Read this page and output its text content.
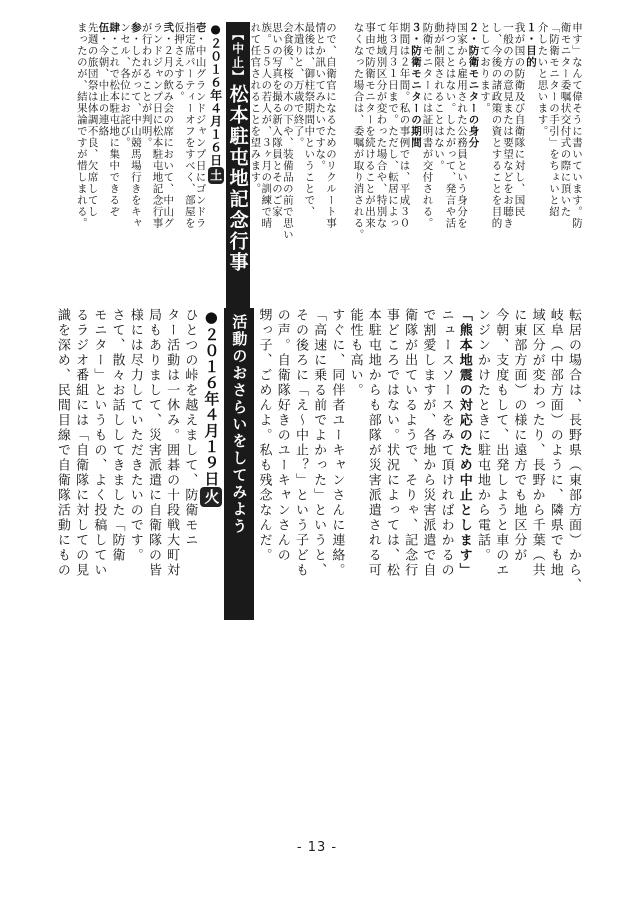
申す」なんて偉そうに書いています。防
衛モニター委嘱状交付式の際に頂いた
「防衛モニターの手引」をちょいと紹
介したいと思います。
１・目的
我が国の防衛及び自衛隊に対し、国民
一般の方の意見または要望などをお聴き
し、今後の諸政策の資とすることを目的
としております。
２・防衛モニターの身分
国家から雇用された公務員という身分を
持つことはない。したがって、発言や活
動が制限されることはない。
防衛モニターには証明書が交付される。
３・防衛モニターの期間
期間は２年間。私の事例では、平成３０
年３月３１日まで。ただし、転居によっ
て地域別区分が変わった場合や、特別な
事由で防衛モニターを続けることが出来
なくなった場合は、委嘱が取り消される。
ので、自衛官になるためのリクルート事
情とか訊いてみたいですな。
最後は、御柱祭期間中ということで、
木遣りと、万歳で終了。
会食後、桜の木の下や、装備品の前で思い
思いの写真を撮る新入隊員とそのご家
族。５５人の若人が、３ヶ月の訓練で晴
れて任官されることを望みます。
【中止】松本駐屯地記念行事
●２０１６年４月１６日土
壱・中山グランドジャンプ日にゴンドラ
指定席パーティーオフをすべく、部屋を
仮押さえする。
弐・２月の飲み会の席において、中山グ
ランドジャンプ日に松本駐屯地記念行事
が行われることが判明。
参・したがって、中山競馬場行きをキャ
ンセル、各位にお詫び。
肆・これで松本駐屯地に集中できるぞ
伍・今朝、中止の連絡
先週の旅団祭は体調不良、欠席してし
まったのが、結果論ですが惜しまれる。
転居の場合は、長野県（東部方面）から、
岐阜（中部方面）のように、隣県でも地
域区分が変わったり、長野から千葉（共
に東部方面）の様に遠方でも地区分が
今朝、支度もして、出発しようと車のエ
ンジンかけたときに駐屯地から電話。
「熊本地震の対応のため中止とします」
ニュースソースをみて頂ければわかるの
で割愛しますが、各地から災害派遣で自
衛隊が出ているようで、そりゃ、記念行
事どころではない。状況によっては、松
本駐屯地からも部隊が災害派遣される可
能性も高い。
すぐに、同伴者ユーキャンさんに連絡。
「高速に乗る前でよかった」というと、
その後ろに「え〜中止？」という子ども
の声。自衛隊好きのユーキャンさんの
甥っ子、ごめんよ。私も残念なんだ。
活動のおさらいをしてみよう
●２０１６年４月１９日火
ひとつの峠を越えまして、防衛モニ
ター活動は一休み。囲碁の十段戦大町対
局もありまして、災害派遣に自衛隊の皆
様には尽力していただきたいのです。
さて、散々お話ししてきました「防衛
モニター」というもの、よく投稿してい
るラジオ番組には「自衛隊に対しての見
識を深め、民間目線で自衛隊活動にもの
- 13 -
